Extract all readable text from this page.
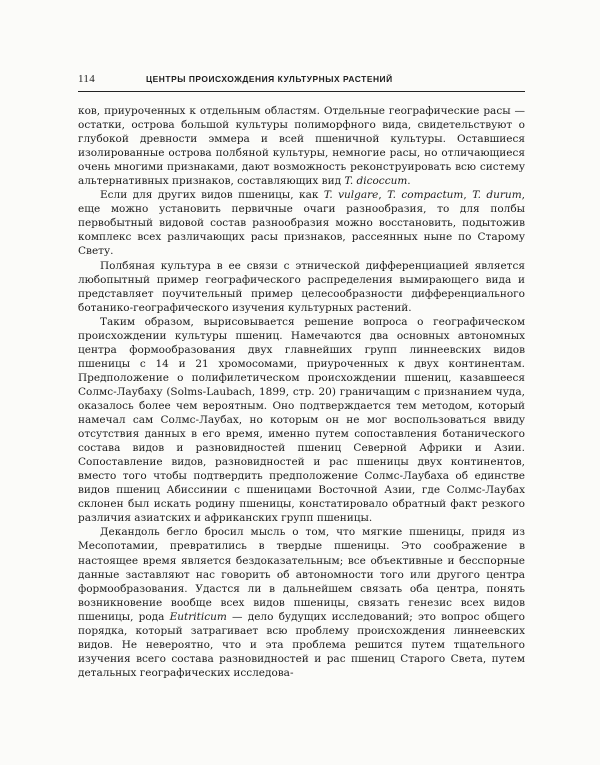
114	ЦЕНТРЫ ПРОИСХОЖДЕНИЯ КУЛЬТУРНЫХ РАСТЕНИЙ

ков, приуроченных к отдельным областям. Отдельные географические расы — остатки, острова большой культуры полиморфного вида, свидетельствуют о глубокой древности эммера и всей пшеничной культуры. Оставшиеся изолированные острова полбяной культуры, немногие расы, но отличающиеся очень многими признаками, дают возможность реконструировать всю систему альтернативных признаков, составляющих вид T. dicoccum.

Если для других видов пшеницы, как T. vulgare, T. compactum, T. durum, еще можно установить первичные очаги разнообразия, то для полбы первобытный видовой состав разнообразия можно восстановить, подытожив комплекс всех различающих расы признаков, рассеянных ныне по Старому Свету.

Полбяная культура в ее связи с этнической дифференциацией является любопытный пример географического распределения вымирающего вида и представляет поучительный пример целесообразности дифференциального ботанико-географического изучения культурных растений.

Таким образом, вырисовывается решение вопроса о географическом происхождении культуры пшениц. Намечаются два основных автономных центра формообразования двух главнейших групп линнеевских видов пшеницы с 14 и 21 хромосомами, приуроченных к двух континентам. Предположение о полифилетическом происхождении пшениц, казавшееся Солмс-Лаубаху (Solms-Laubach, 1899, стр. 20) граничащим с признанием чуда, оказалось более чем вероятным. Оно подтверждается тем методом, который намечал сам Солмс-Лаубах, но которым он не мог воспользоваться ввиду отсутствия данных в его время, именно путем сопоставления ботанического состава видов и разновидностей пшениц Северной Африки и Азии. Сопоставление видов, разновидностей и рас пшеницы двух континентов, вместо того чтобы подтвердить предположение Солмс-Лаубаха об единстве видов пшениц Абиссинии с пшеницами Восточной Азии, где Солмс-Лаубах склонен был искать родину пшеницы, констатировало обратный факт резкого различия азиатских и африканских групп пшеницы.

Декандоль бегло бросил мысль о том, что мягкие пшеницы, придя из Месопотамии, превратились в твердые пшеницы. Это соображение в настоящее время является бездоказательным; все объективные и бесспорные данные заставляют нас говорить об автономности того или другого центра формообразования. Удастся ли в дальнейшем связать оба центра, понять возникновение вообще всех видов пшеницы, связать генезис всех видов пшеницы, рода Eutriticum — дело будущих исследований; это вопрос общего порядка, который затрагивает всю проблему происхождения линнеевских видов. Не невероятно, что и эта проблема решится путем тщательного изучения всего состава разновидностей и рас пшениц Старого Света, путем детальных географических исследова-
